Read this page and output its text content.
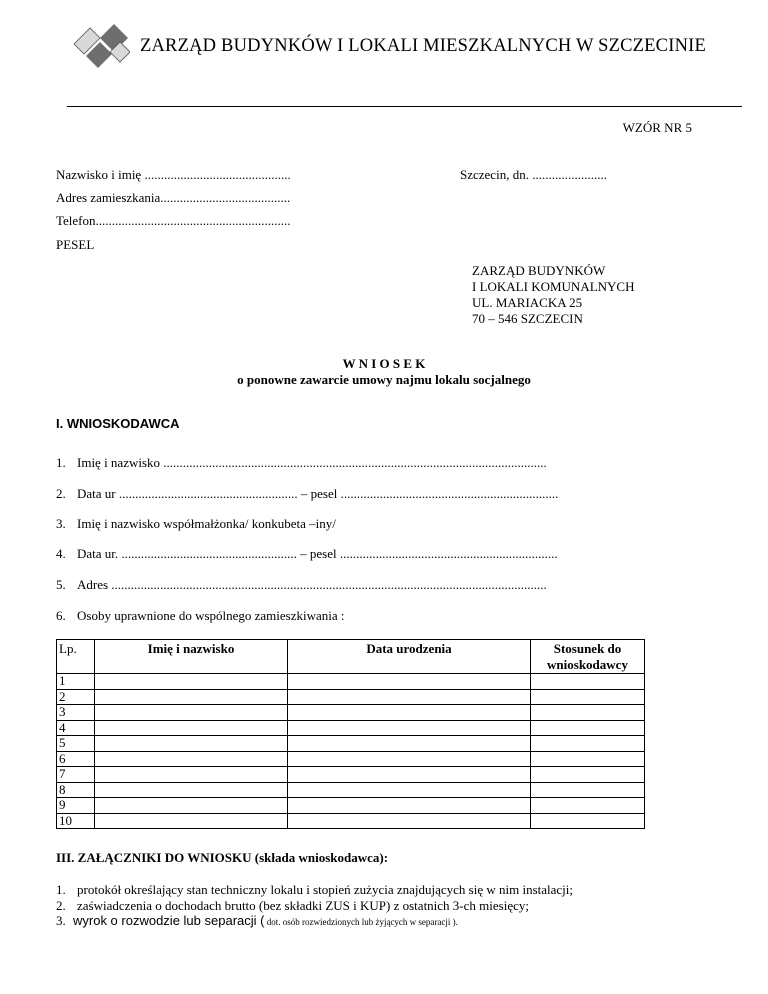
ZARZĄD BUDYNKÓW I LOKALI MIESZKALNYCH W SZCZECINIE
WZÓR NR 5
Nazwisko i imię .............................................	Szczecin, dn. .......................
Adres zamieszkania........................................
Telefon............................................................
PESEL
ZARZĄD BUDYNKÓW
I LOKALI KOMUNALNYCH
UL. MARIACKA 25
70 – 546 SZCZECIN
W N I O S E K
o ponowne zawarcie umowy najmu lokalu socjalnego
I. WNIOSKODAWCA
1. Imię i nazwisko ......................................................................................................................
2. Data ur ....................................................... – pesel ...................................................................
3. Imię i nazwisko współmałżonka/ konkubeta –iny/
4. Data ur. ...................................................... – pesel ...................................................................
5. Adres ......................................................................................................................................
6. Osoby uprawnione do wspólnego zamieszkiwania :
Lp.	Imię i nazwisko	Data urodzenia	Stosunek do wnioskodawcy
1			
2			
3			
4			
5			
6			
7			
8			
9			
10			
III. ZAŁĄCZNIKI DO WNIOSKU (składa wnioskodawca):
1. protokół określający stan techniczny lokalu i stopień zużycia znajdujących się w nim instalacji;
2. zaświadczenia o dochodach brutto (bez składki ZUS i KUP) z ostatnich 3-ch miesięcy;
3. wyrok o rozwodzie lub separacji ( dot. osób rozwiedzionych lub żyjących w separacji ).
